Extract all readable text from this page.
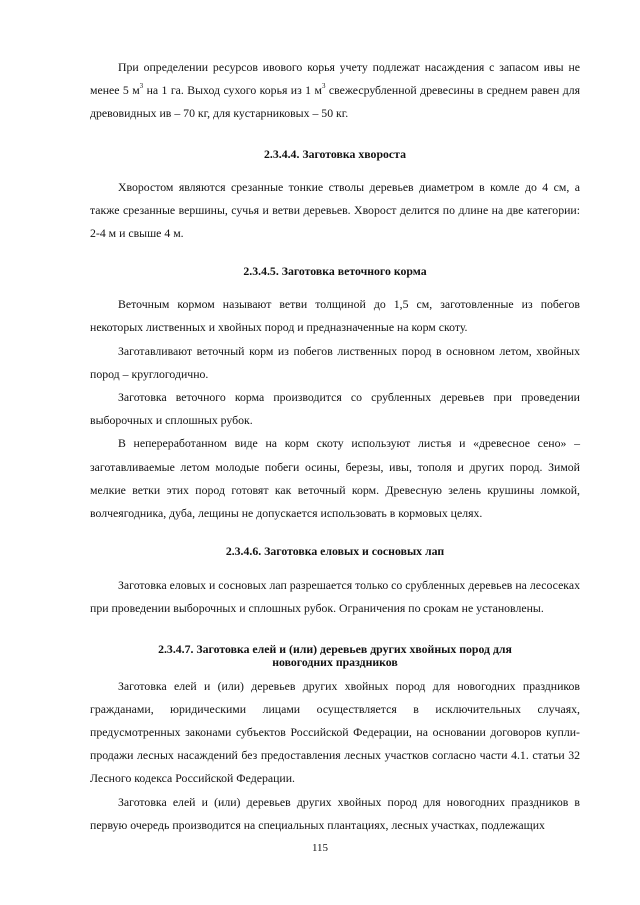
При определении ресурсов ивового корья учету подлежат насаждения с запасом ивы не менее 5 $м^3$ на 1 га. Выход сухого корья из 1 $м^3$ свежесрубленной древесины в среднем равен для древовидных ив – 70 кг, для кустарниковых – 50 кг.

2.3.4.4. Заготовка хвороста

Хворостом являются срезанные тонкие стволы деревьев диаметром в комле до 4 см, а также срезанные вершины, сучья и ветви деревьев. Хворост делится по длине на две категории: 2-4 м и свыше 4 м.

2.3.4.5. Заготовка веточного корма

Веточным кормом называют ветви толщиной до 1,5 см, заготовленные из побегов некоторых лиственных и хвойных пород и предназначенные на корм скоту.

Заготавливают веточный корм из побегов лиственных пород в основном летом, хвойных пород – круглогодично.

Заготовка веточного корма производится со срубленных деревьев при проведении выборочных и сплошных рубок.

В непереработанном виде на корм скоту используют листья и «древесное сено» – заготавливаемые летом молодые побеги осины, березы, ивы, тополя и других пород. Зимой мелкие ветки этих пород готовят как веточный корм. Древесную зелень крушины ломкой, волчеягодника, дуба, лещины не допускается использовать в кормовых целях.

2.3.4.6. Заготовка еловых и сосновых лап

Заготовка еловых и сосновых лап разрешается только со срубленных деревьев на лесосеках при проведении выборочных и сплошных рубок. Ограничения по срокам не установлены.

2.3.4.7. Заготовка елей и (или) деревьев других хвойных пород для
новогодних праздников

Заготовка елей и (или) деревьев других хвойных пород для новогодних праздников гражданами, юридическими лицами осуществляется в исключительных случаях, предусмотренных законами субъектов Российской Федерации, на основании договоров купли-продажи лесных насаждений без предоставления лесных участков согласно части 4.1. статьи 32 Лесного кодекса Российской Федерации.

Заготовка елей и (или) деревьев других хвойных пород для новогодних праздников в первую очередь производится на специальных плантациях, лесных участках, подлежащих

115
